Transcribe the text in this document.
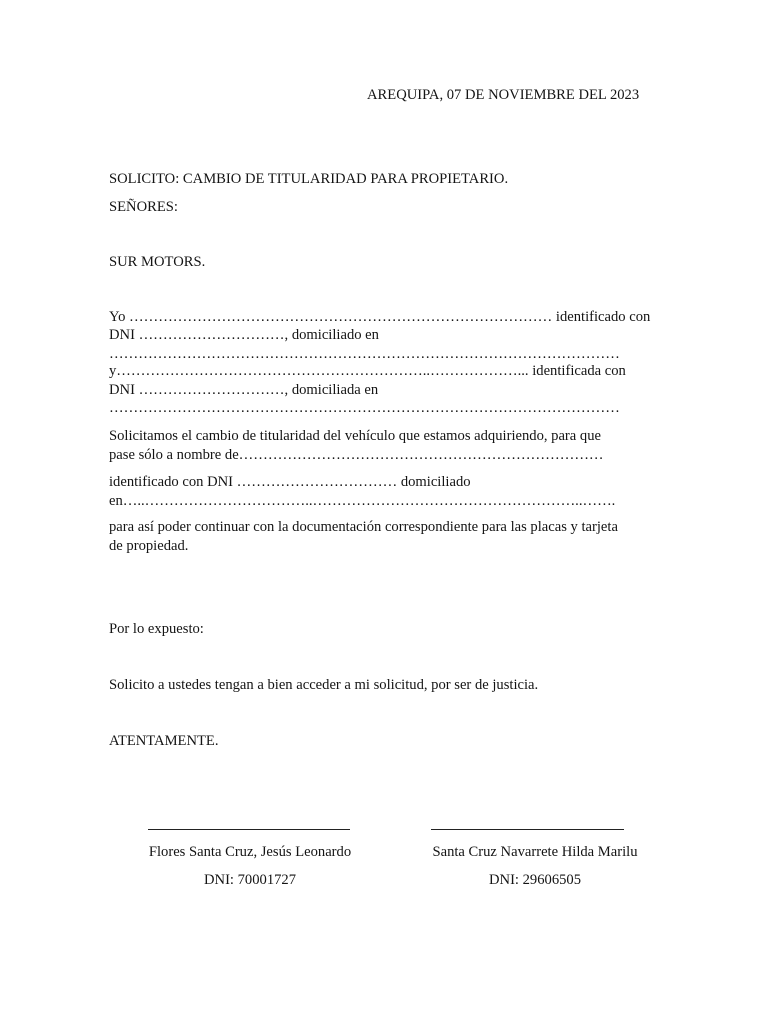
AREQUIPA, 07 DE NOVIEMBRE DEL 2023
SOLICITO: CAMBIO DE TITULARIDAD PARA PROPIETARIO.
SEÑORES:
SUR MOTORS.
Yo …………………………………………………………………………… identificado con
DNI …………………………, domiciliado en
……………………………………………………………………………………………
y………………………………………………………..………………... identificada con
DNI …………………………, domiciliada en
……………………………………………………………………………………………
Solicitamos el cambio de titularidad del vehículo que estamos adquiriendo, para que
pase sólo a nombre de…………………………………………………………………
identificado con DNI …………………………… domiciliado
en…..……………………………..………………………………………………..…….
para así poder continuar con la documentación correspondiente para las placas y tarjeta
de propiedad.
Por lo expuesto:
Solicito a ustedes tengan a bien acceder a mi solicitud, por ser de justicia.
ATENTAMENTE.
Flores Santa Cruz, Jesús Leonardo
DNI: 70001727
Santa Cruz Navarrete Hilda Marilu
DNI: 29606505
